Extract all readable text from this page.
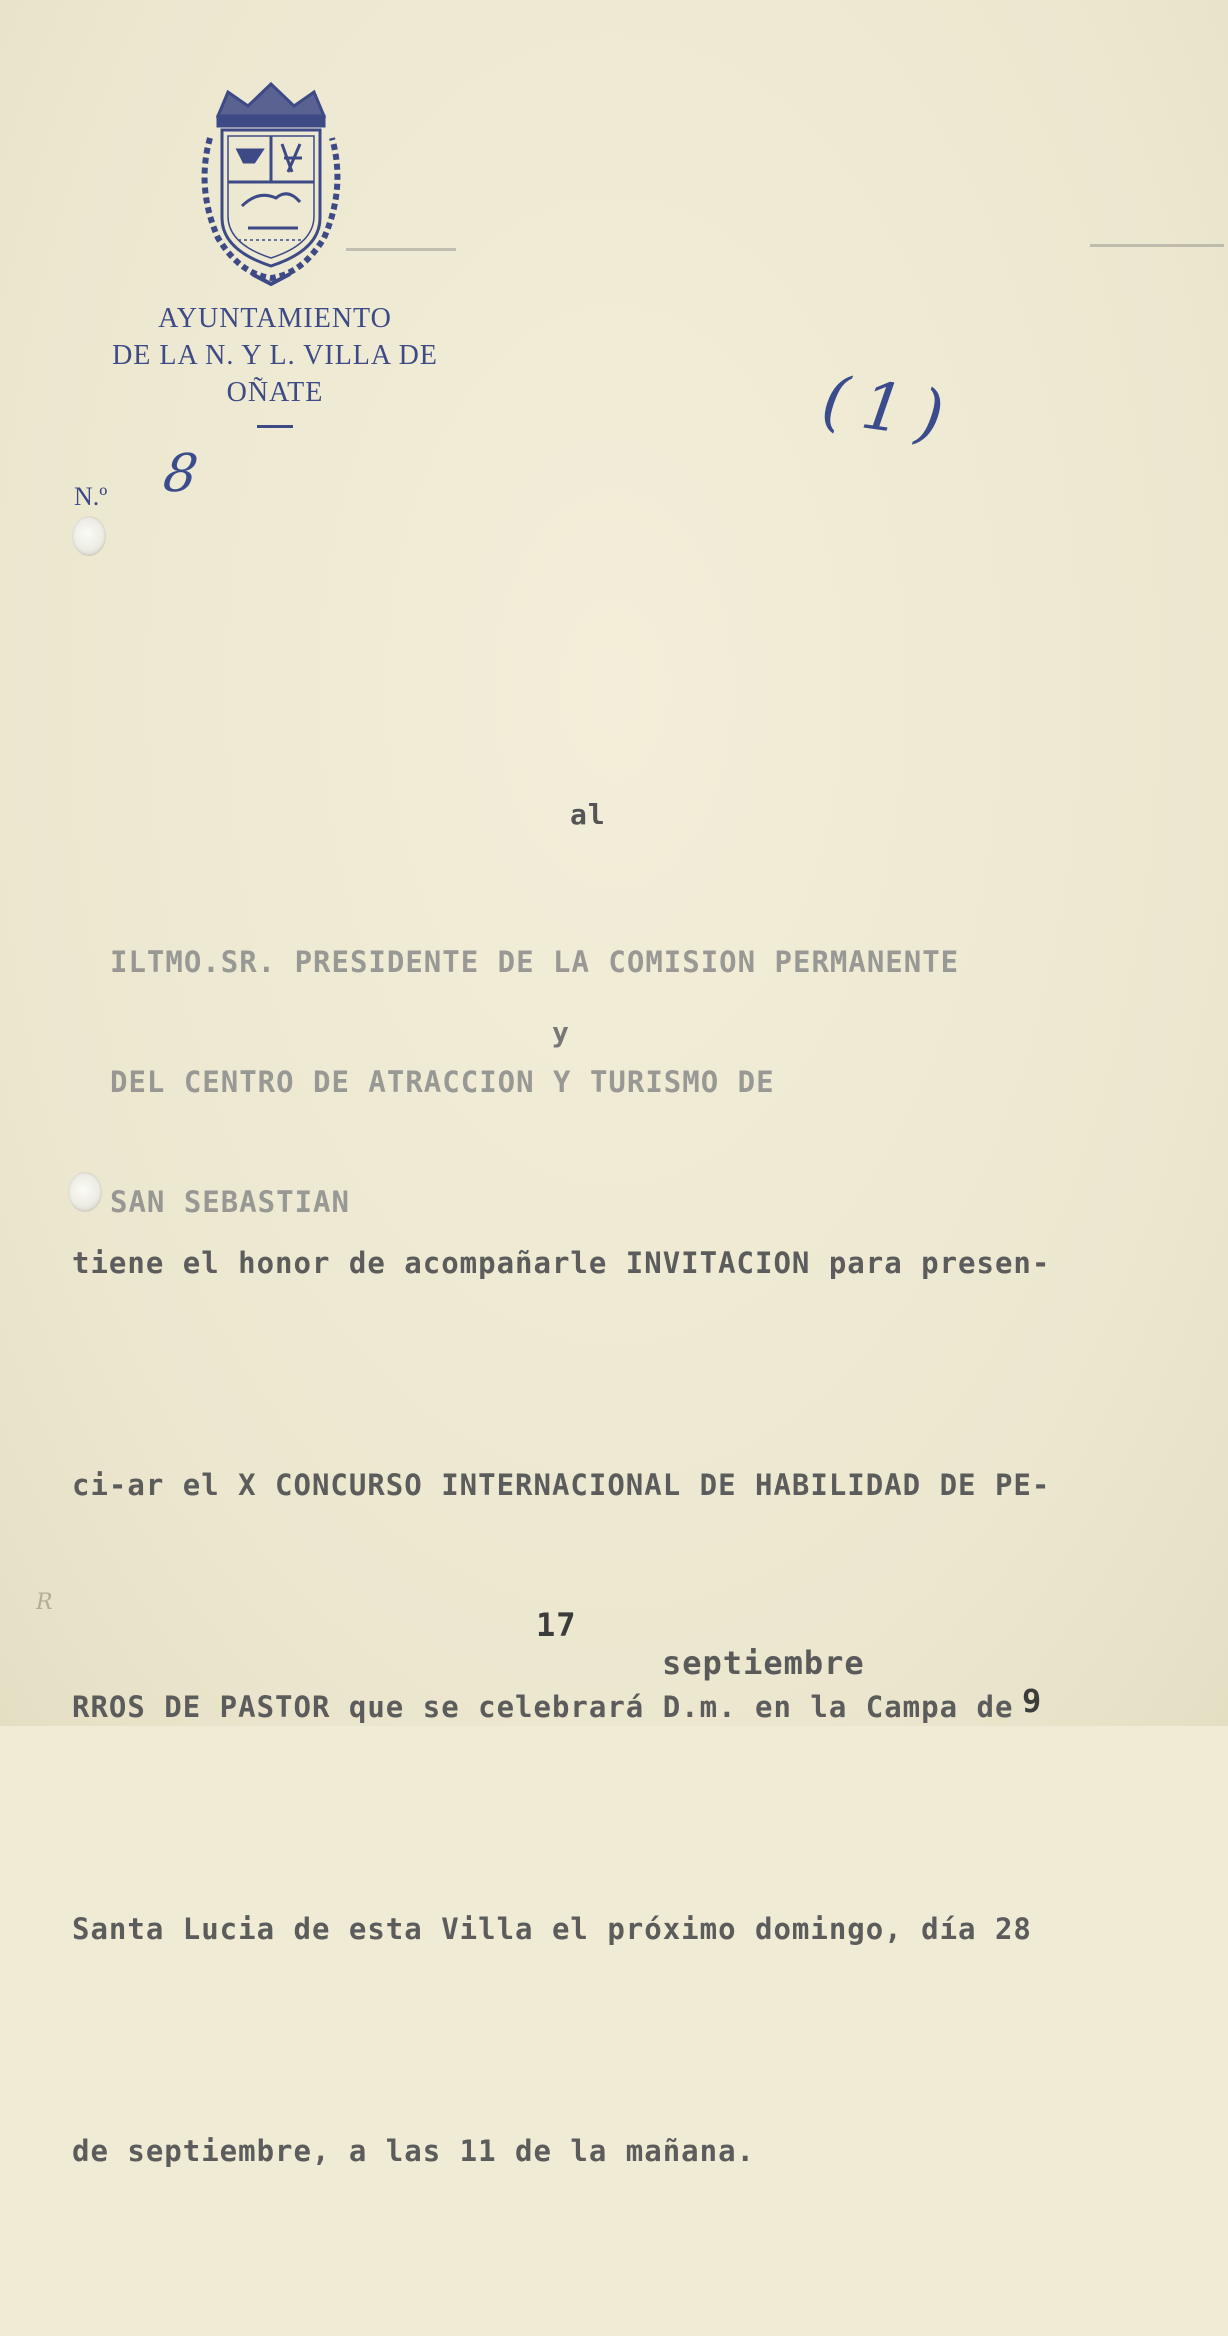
AYUNTAMIENTO
DE LA N. Y L. VILLA DE
OÑATE
N.º 8
(1)
R
al

ILTMO.SR. PRESIDENTE DE LA COMISION PERMANENTE

DEL CENTRO DE ATRACCION Y TURISMO DE

SAN SEBASTIAN

y

tiene el honor de acompañarle INVITACION para presen-

ci-ar el X CONCURSO INTERNACIONAL DE HABILIDAD DE PE-

RROS DE PASTOR que se celebrará D.m. en la Campa de

Santa Lucia de esta Villa el próximo domingo, día 28

de septiembre, a las 11 de la mañana.

17

septiembre

9
